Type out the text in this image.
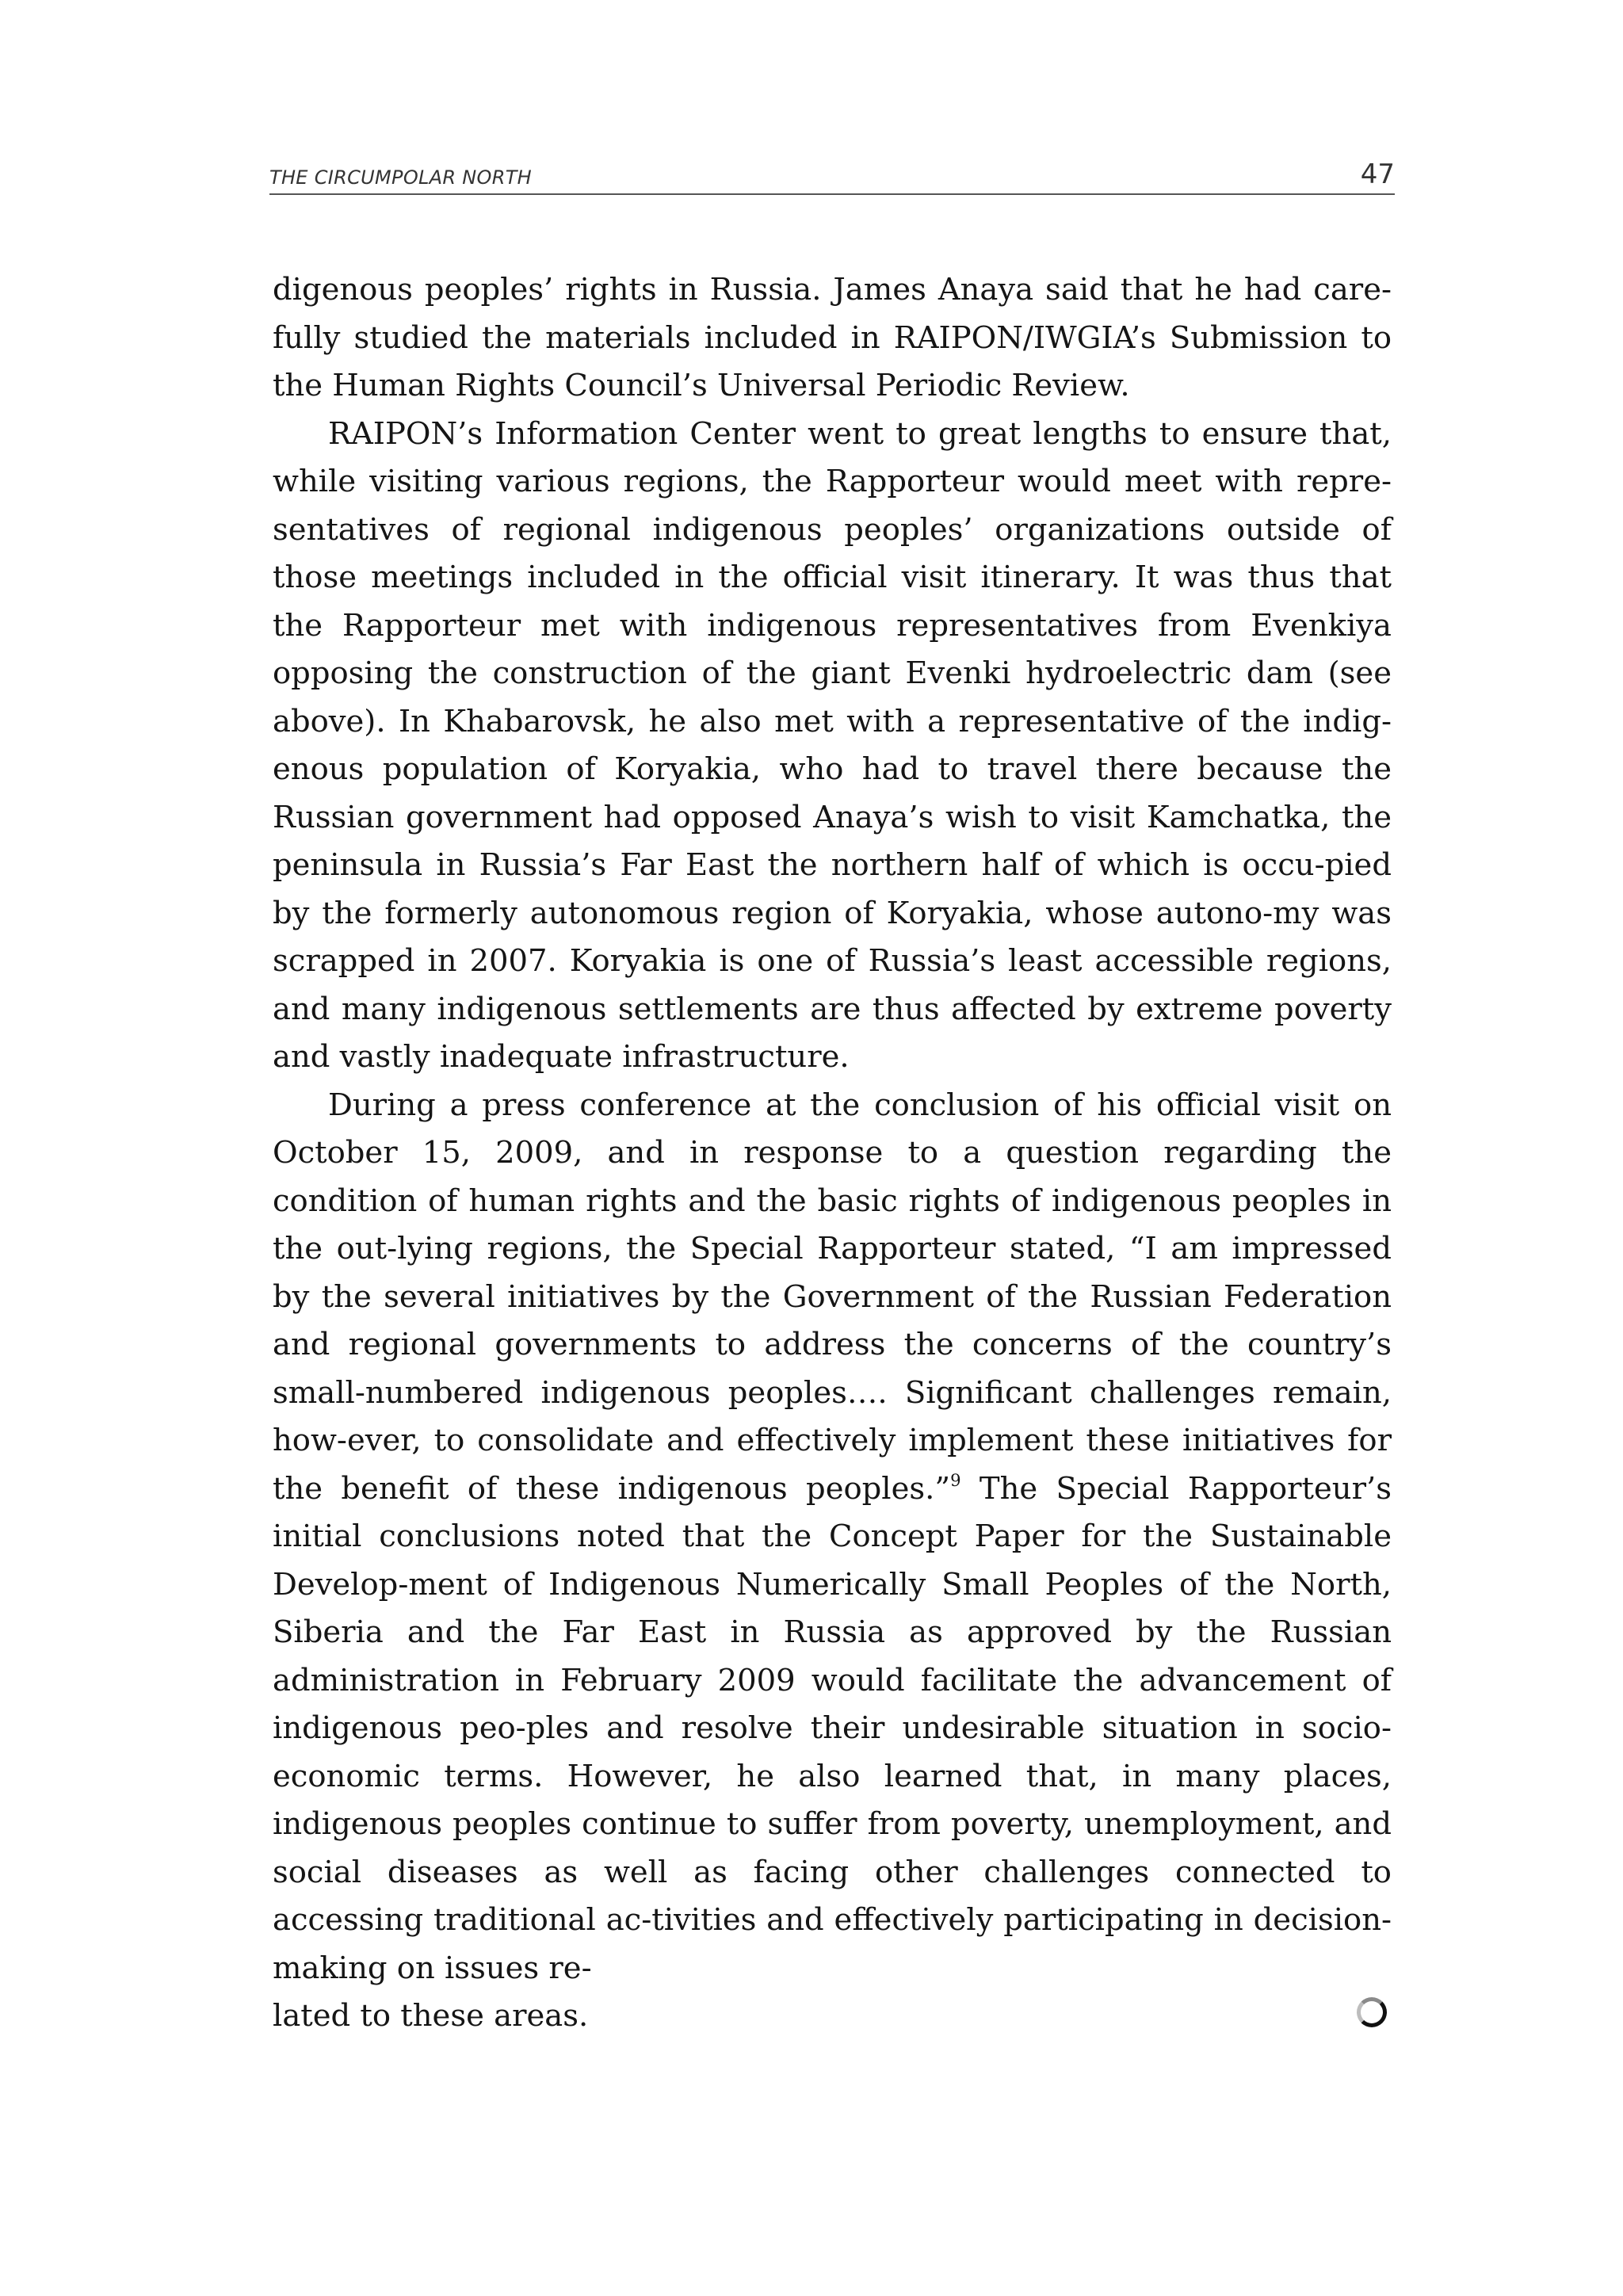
THE CIRCUMPOLAR NORTH	47

digenous peoples’ rights in Russia. James Anaya said that he had care-fully studied the materials included in RAIPON/IWGIA’s Submission to the Human Rights Council’s Universal Periodic Review.

RAIPON’s Information Center went to great lengths to ensure that, while visiting various regions, the Rapporteur would meet with repre-sentatives of regional indigenous peoples’ organizations outside of those meetings included in the official visit itinerary. It was thus that the Rapporteur met with indigenous representatives from Evenkiya opposing the construction of the giant Evenki hydroelectric dam (see above). In Khabarovsk, he also met with a representative of the indig-enous population of Koryakia, who had to travel there because the Russian government had opposed Anaya’s wish to visit Kamchatka, the peninsula in Russia’s Far East the northern half of which is occu-pied by the formerly autonomous region of Koryakia, whose autono-my was scrapped in 2007. Koryakia is one of Russia’s least accessible regions, and many indigenous settlements are thus affected by extreme poverty and vastly inadequate infrastructure.

During a press conference at the conclusion of his official visit on October 15, 2009, and in response to a question regarding the condition of human rights and the basic rights of indigenous peoples in the out-lying regions, the Special Rapporteur stated, “I am impressed by the several initiatives by the Government of the Russian Federation and regional governments to address the concerns of the country’s small-numbered indigenous peoples…. Significant challenges remain, how-ever, to consolidate and effectively implement these initiatives for the benefit of these indigenous peoples.”$^9$ The Special Rapporteur’s initial conclusions noted that the Concept Paper for the Sustainable Develop-ment of Indigenous Numerically Small Peoples of the North, Siberia and the Far East in Russia as approved by the Russian administration in February 2009 would facilitate the advancement of indigenous peo-ples and resolve their undesirable situation in socio-economic terms. However, he also learned that, in many places, indigenous peoples continue to suffer from poverty, unemployment, and social diseases as well as facing other challenges connected to accessing traditional ac-tivities and effectively participating in decision-making on issues re-

lated to these areas.
